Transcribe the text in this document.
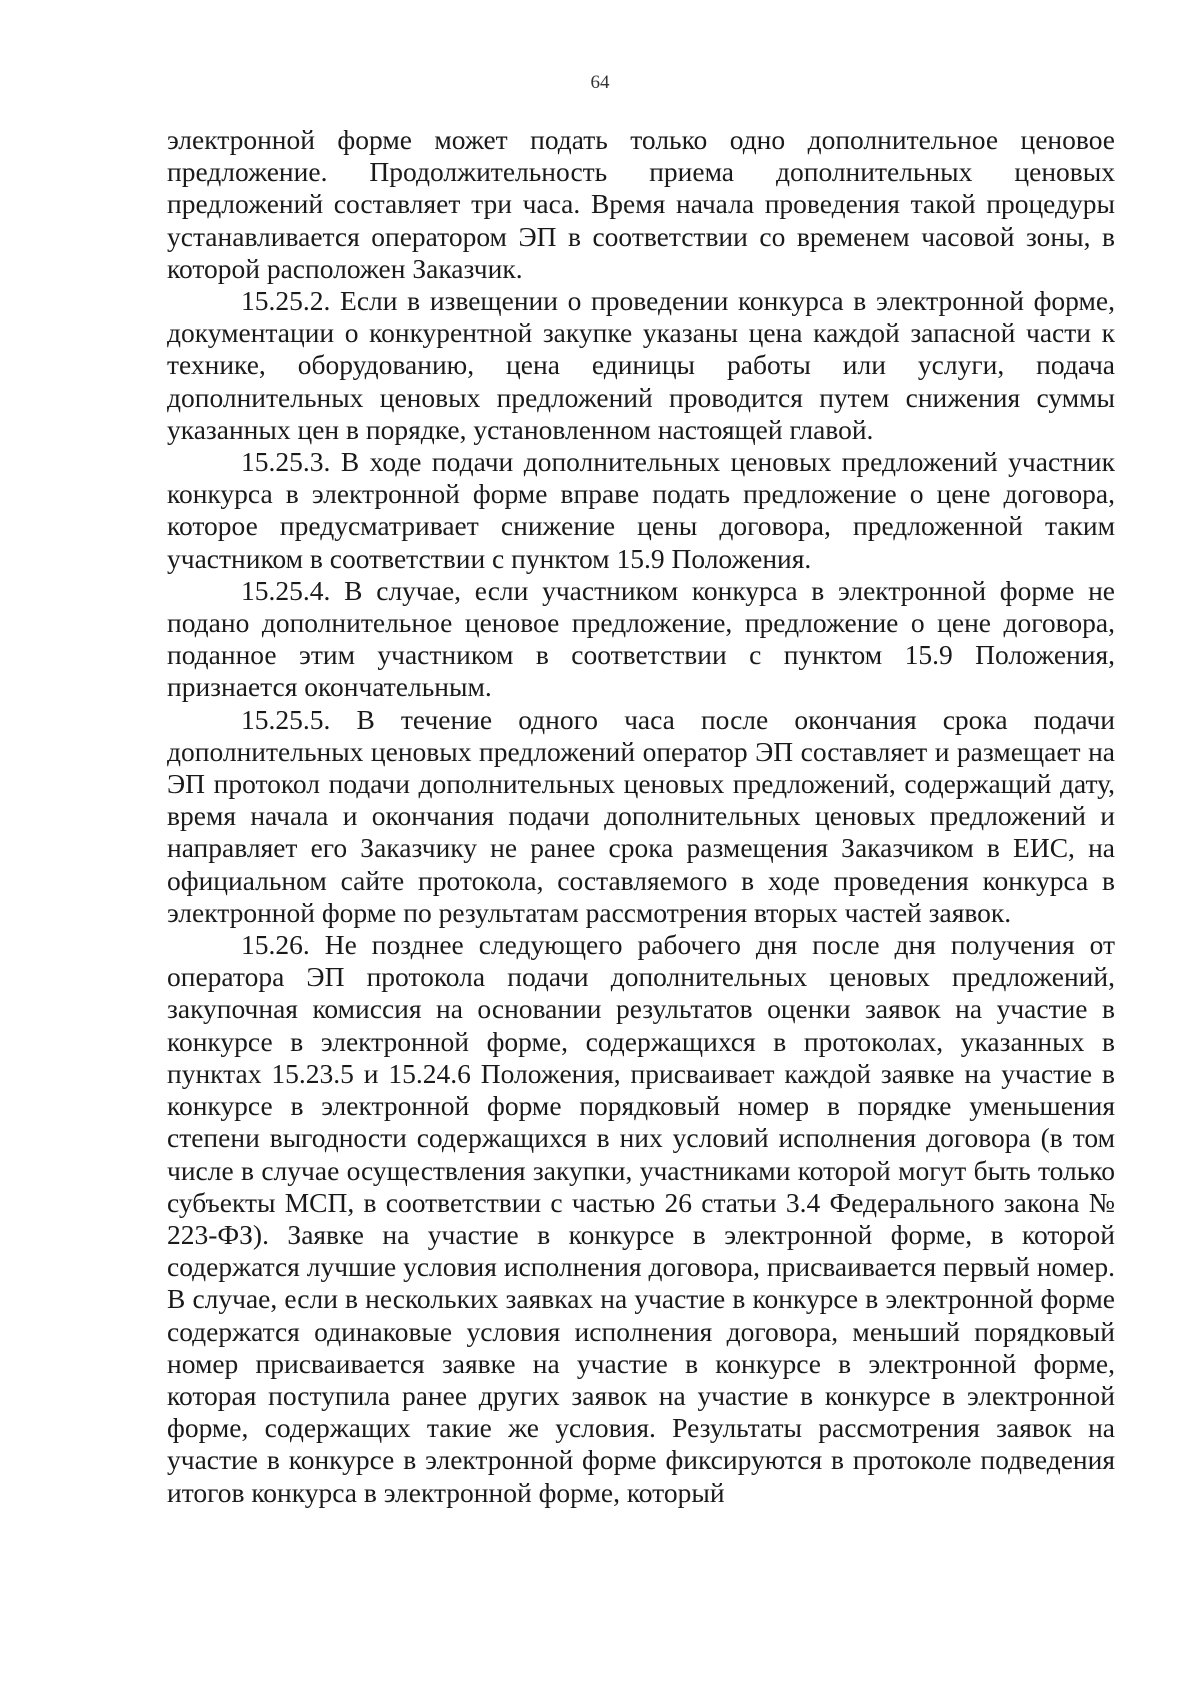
64

электронной форме может подать только одно дополнительное ценовое предложение. Продолжительность приема дополнительных ценовых предложений составляет три часа. Время начала проведения такой процедуры устанавливается оператором ЭП в соответствии со временем часовой зоны, в которой расположен Заказчик.

15.25.2. Если в извещении о проведении конкурса в электронной форме, документации о конкурентной закупке указаны цена каждой запасной части к технике, оборудованию, цена единицы работы или услуги, подача дополнительных ценовых предложений проводится путем снижения суммы указанных цен в порядке, установленном настоящей главой.

15.25.3. В ходе подачи дополнительных ценовых предложений участник конкурса в электронной форме вправе подать предложение о цене договора, которое предусматривает снижение цены договора, предложенной таким участником в соответствии с пунктом 15.9 Положения.

15.25.4. В случае, если участником конкурса в электронной форме не подано дополнительное ценовое предложение, предложение о цене договора, поданное этим участником в соответствии с пунктом 15.9 Положения, признается окончательным.

15.25.5. В течение одного часа после окончания срока подачи дополнительных ценовых предложений оператор ЭП составляет и размещает на ЭП протокол подачи дополнительных ценовых предложений, содержащий дату, время начала и окончания подачи дополнительных ценовых предложений и направляет его Заказчику не ранее срока размещения Заказчиком в ЕИС, на официальном сайте протокола, составляемого в ходе проведения конкурса в электронной форме по результатам рассмотрения вторых частей заявок.

15.26. Не позднее следующего рабочего дня после дня получения от оператора ЭП протокола подачи дополнительных ценовых предложений, закупочная комиссия на основании результатов оценки заявок на участие в конкурсе в электронной форме, содержащихся в протоколах, указанных в пунктах 15.23.5 и 15.24.6 Положения, присваивает каждой заявке на участие в конкурсе в электронной форме порядковый номер в порядке уменьшения степени выгодности содержащихся в них условий исполнения договора (в том числе в случае осуществления закупки, участниками которой могут быть только субъекты МСП, в соответствии с частью 26 статьи 3.4 Федерального закона № 223-ФЗ). Заявке на участие в конкурсе в электронной форме, в которой содержатся лучшие условия исполнения договора, присваивается первый номер. В случае, если в нескольких заявках на участие в конкурсе в электронной форме содержатся одинаковые условия исполнения договора, меньший порядковый номер присваивается заявке на участие в конкурсе в электронной форме, которая поступила ранее других заявок на участие в конкурсе в электронной форме, содержащих такие же условия. Результаты рассмотрения заявок на участие в конкурсе в электронной форме фиксируются в протоколе подведения итогов конкурса в электронной форме, который
